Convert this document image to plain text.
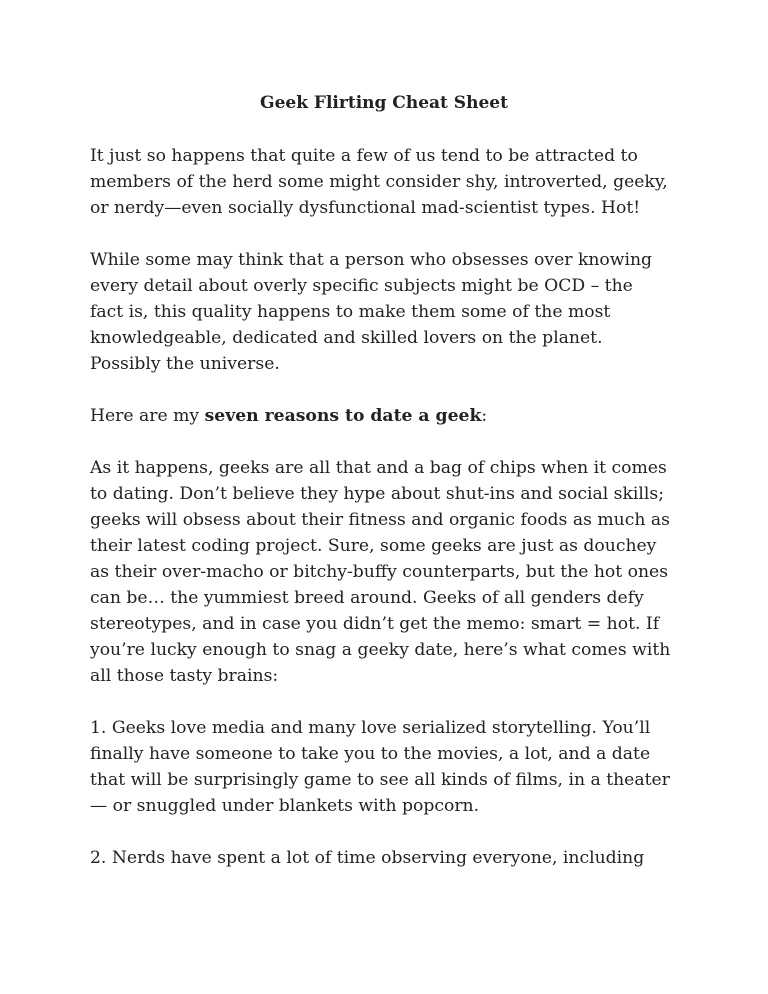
Geek Flirting Cheat Sheet

It just so happens that quite a few of us tend to be attracted to
members of the herd some might consider shy, introverted, geeky,
or nerdy—even socially dysfunctional mad-scientist types. Hot!

While some may think that a person who obsesses over knowing
every detail about overly specific subjects might be OCD – the
fact is, this quality happens to make them some of the most
knowledgeable, dedicated and skilled lovers on the planet.
Possibly the universe.

Here are my seven reasons to date a geek:

As it happens, geeks are all that and a bag of chips when it comes
to dating. Don’t believe they hype about shut-ins and social skills;
geeks will obsess about their fitness and organic foods as much as
their latest coding project. Sure, some geeks are just as douchey
as their over-macho or bitchy-buffy counterparts, but the hot ones
can be… the yummiest breed around. Geeks of all genders defy
stereotypes, and in case you didn’t get the memo: smart = hot. If
you’re lucky enough to snag a geeky date, here’s what comes with
all those tasty brains:

1. Geeks love media and many love serialized storytelling. You’ll
finally have someone to take you to the movies, a lot, and a date
that will be surprisingly game to see all kinds of films, in a theater
— or snuggled under blankets with popcorn.

2. Nerds have spent a lot of time observing everyone, including
